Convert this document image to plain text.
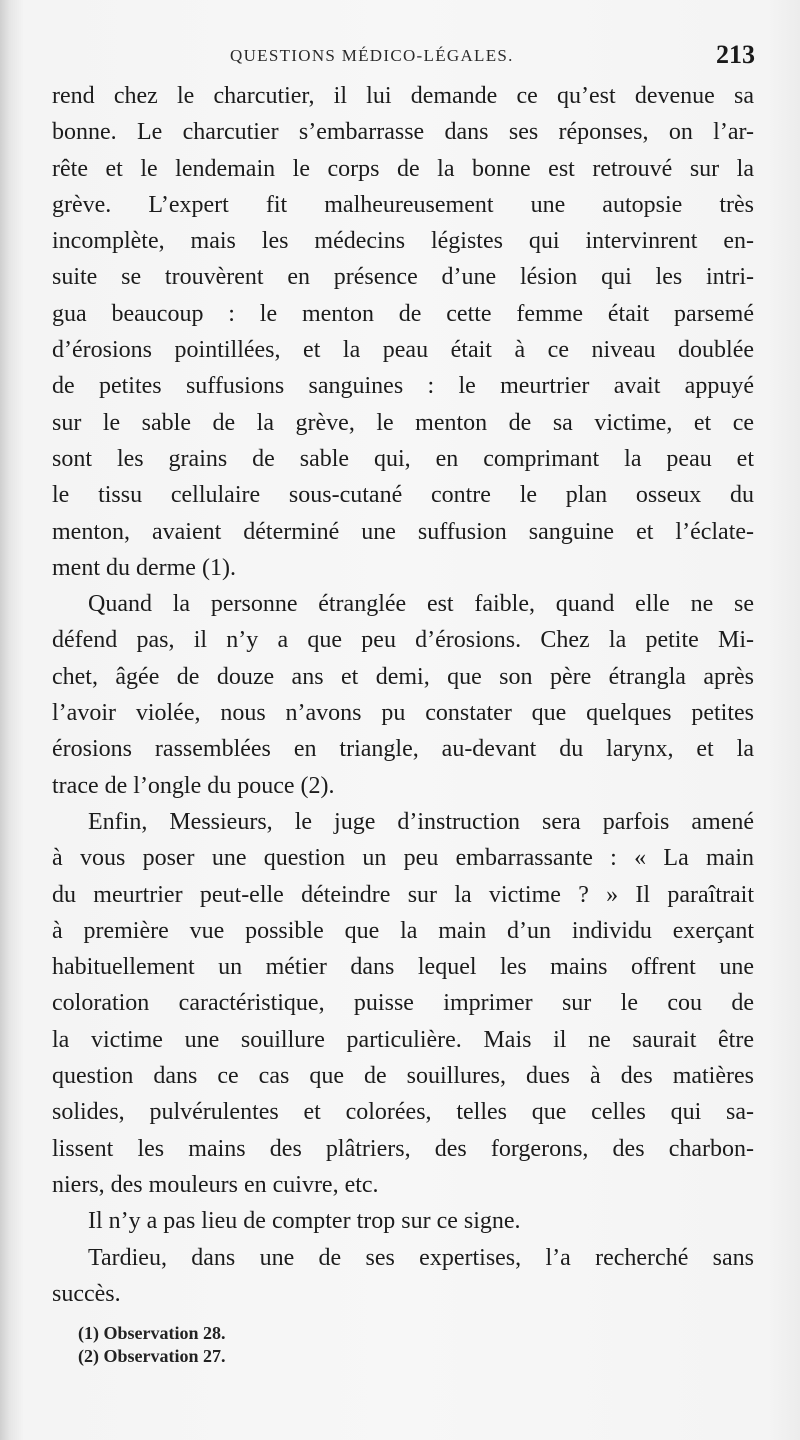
QUESTIONS MÉDICO-LÉGALES.	213
rend chez le charcutier, il lui demande ce qu’est devenue sa
bonne. Le charcutier s’embarrasse dans ses réponses, on l’ar-
rête et le lendemain le corps de la bonne est retrouvé sur la
grève. L’expert fit malheureusement une autopsie très
incomplète, mais les médecins légistes qui intervinrent en-
suite se trouvèrent en présence d’une lésion qui les intri-
gua beaucoup : le menton de cette femme était parsemé
d’érosions pointillées, et la peau était à ce niveau doublée
de petites suffusions sanguines : le meurtrier avait appuyé
sur le sable de la grève, le menton de sa victime, et ce
sont les grains de sable qui, en comprimant la peau et
le tissu cellulaire sous-cutané contre le plan osseux du
menton, avaient déterminé une suffusion sanguine et l’éclate-
ment du derme (1).
Quand la personne étranglée est faible, quand elle ne se
défend pas, il n’y a que peu d’érosions. Chez la petite Mi-
chet, âgée de douze ans et demi, que son père étrangla après
l’avoir violée, nous n’avons pu constater que quelques petites
érosions rassemblées en triangle, au-devant du larynx, et la
trace de l’ongle du pouce (2).
Enfin, Messieurs, le juge d’instruction sera parfois amené
à vous poser une question un peu embarrassante : « La main
du meurtrier peut-elle déteindre sur la victime ? » Il paraîtrait
à première vue possible que la main d’un individu exerçant
habituellement un métier dans lequel les mains offrent une
coloration caractéristique, puisse imprimer sur le cou de
la victime une souillure particulière. Mais il ne saurait être
question dans ce cas que de souillures, dues à des matières
solides, pulvérulentes et colorées, telles que celles qui sa-
lissent les mains des plâtriers, des forgerons, des charbon-
niers, des mouleurs en cuivre, etc.
Il n’y a pas lieu de compter trop sur ce signe.
Tardieu, dans une de ses expertises, l’a recherché sans
succès.
(1) Observation 28.
(2) Observation 27.
